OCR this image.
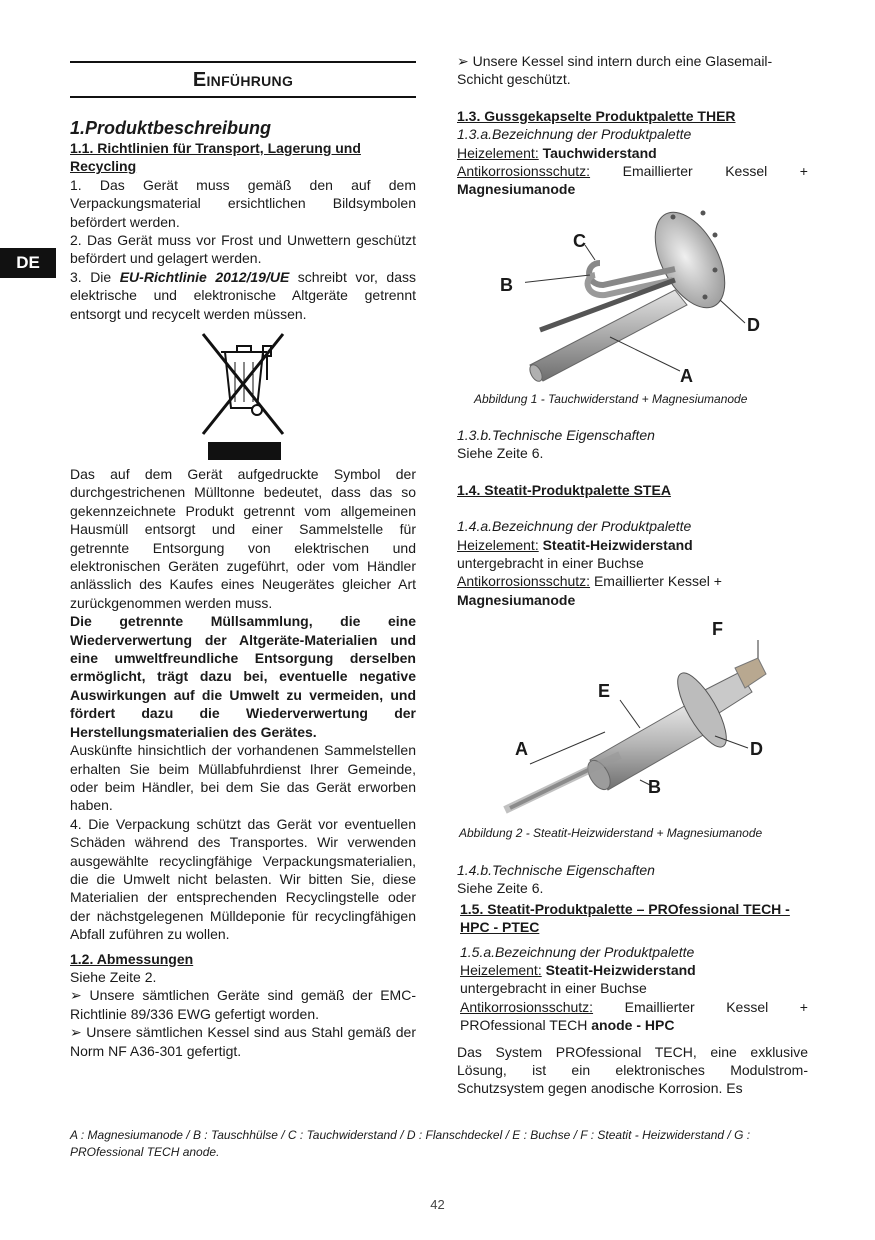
Einführung
DE
1.Produktbeschreibung
1.1. Richtlinien für Transport, Lagerung und Recycling

1. Das Gerät muss gemäß den auf dem Verpackungsmaterial ersichtlichen Bildsymbolen befördert werden.

2. Das Gerät muss vor Frost und Unwettern geschützt befördert und gelagert werden.

3. Die EU-Richtlinie 2012/19/UE schreibt vor, dass elektrische und elektronische Altgeräte getrennt entsorgt und recycelt werden müssen.

Das auf dem Gerät aufgedruckte Symbol der durchgestrichenen Mülltonne bedeutet, dass das so gekennzeichnete Produkt getrennt vom allgemeinen Hausmüll entsorgt und einer Sammelstelle für getrennte Entsorgung von elektrischen und elektronischen Geräten zugeführt, oder vom Händler anlässlich des Kaufes eines Neugerätes gleicher Art zurückgenommen werden muss.

Die getrennte Müllsammlung, die eine Wiederverwertung der Altgeräte-Materialien und eine umweltfreundliche Entsorgung derselben ermöglicht, trägt dazu bei, eventuelle negative Auswirkungen auf die Umwelt zu vermeiden, und fördert dazu die Wiederverwertung der Herstellungsmaterialien des Gerätes.

Auskünfte hinsichtlich der vorhandenen Sammelstellen erhalten Sie beim Müllabfuhrdienst Ihrer Gemeinde, oder beim Händler, bei dem Sie das Gerät erworben haben.

4. Die Verpackung schützt das Gerät vor eventuellen Schäden während des Transportes. Wir verwenden ausgewählte recyclingfähige Verpackungsmaterialien, die die Umwelt nicht belasten. Wir bitten Sie, diese Materialien der entsprechenden Recyclingstelle oder der nächstgelegenen Mülldeponie für recyclingfähigen Abfall zuführen zu wollen.

1.2. Abmessungen

Siehe Zeite 2.

➢ Unsere sämtlichen Geräte sind gemäß der EMC-Richtlinie 89/336 EWG gefertigt worden.

➢ Unsere sämtlichen Kessel sind aus Stahl gemäß der Norm NF A36-301 gefertigt.

➢ Unsere Kessel sind intern durch eine Glasemail-Schicht geschützt.

1.3. Gussgekapselte Produktpalette THER
1.3.a.Bezeichnung der Produktpalette

Heizelement: Tauchwiderstand

Antikorrosionsschutz: Emaillierter Kessel +

Magnesiumanode

C
B
D
A
Abbildung 1 - Tauchwiderstand + Magnesiumanode
1.3.b.Technische Eigenschaften

Siehe Zeite 6.

1.4. Steatit-Produktpalette STEA
1.4.a.Bezeichnung der Produktpalette

Heizelement: Steatit-Heizwiderstand

untergebracht in einer Buchse

Antikorrosionsschutz: Emaillierter Kessel +

Magnesiumanode

F
E
A	D
B
Abbildung 2 - Steatit-Heizwiderstand + Magnesiumanode
1.4.b.Technische Eigenschaften

Siehe Zeite 6.

1.5. Steatit-Produktpalette – PROfessional TECH - HPC - PTEC
1.5.a.Bezeichnung der Produktpalette

Heizelement: Steatit-Heizwiderstand

untergebracht in einer Buchse

Antikorrosionsschutz: Emaillierter Kessel +

PROfessional TECH anode - HPC

Das System PROfessional TECH, eine exklusive Lösung, ist ein elektronisches Modulstrom-Schutzsystem gegen anodische Korrosion. Es

A : Magnesiumanode / B : Tauschhülse / C : Tauchwiderstand / D : Flanschdeckel / E : Buchse / F : Steatit - Heizwiderstand / G : PROfessional TECH anode.
42
